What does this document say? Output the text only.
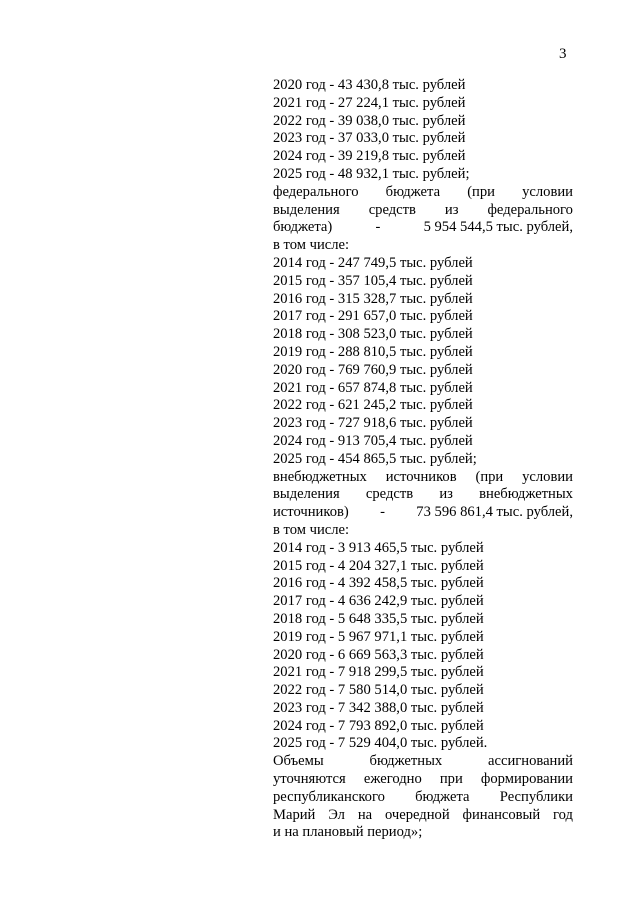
3
2020 год - 43 430,8 тыс. рублей
2021 год - 27 224,1 тыс. рублей
2022 год - 39 038,0 тыс. рублей
2023 год - 37 033,0 тыс. рублей
2024 год - 39 219,8 тыс. рублей
2025 год - 48 932,1 тыс. рублей;
федерального бюджета (при условии
выделения средств из федерального
бюджета)	-	5 954 544,5 тыс. рублей,
в том числе:
2014 год - 247 749,5 тыс. рублей
2015 год - 357 105,4 тыс. рублей
2016 год - 315 328,7 тыс. рублей
2017 год - 291 657,0 тыс. рублей
2018 год - 308 523,0 тыс. рублей
2019 год - 288 810,5 тыс. рублей
2020 год - 769 760,9 тыс. рублей
2021 год - 657 874,8 тыс. рублей
2022 год - 621 245,2 тыс. рублей
2023 год - 727 918,6 тыс. рублей
2024 год - 913 705,4 тыс. рублей
2025 год - 454 865,5 тыс. рублей;
внебюджетных источников (при условии
выделения средств из внебюджетных
источников) - 73 596 861,4 тыс. рублей,
в том числе:
2014 год - 3 913 465,5 тыс. рублей
2015 год - 4 204 327,1 тыс. рублей
2016 год - 4 392 458,5 тыс. рублей
2017 год - 4 636 242,9 тыс. рублей
2018 год - 5 648 335,5 тыс. рублей
2019 год - 5 967 971,1 тыс. рублей
2020 год - 6 669 563,3 тыс. рублей
2021 год - 7 918 299,5 тыс. рублей
2022 год - 7 580 514,0 тыс. рублей
2023 год - 7 342 388,0 тыс. рублей
2024 год - 7 793 892,0 тыс. рублей
2025 год - 7 529 404,0 тыс. рублей.
Объемы	бюджетных	ассигнований
уточняются ежегодно при формировании
республиканского бюджета Республики
Марий Эл на очередной финансовый год
и на плановый период»;
